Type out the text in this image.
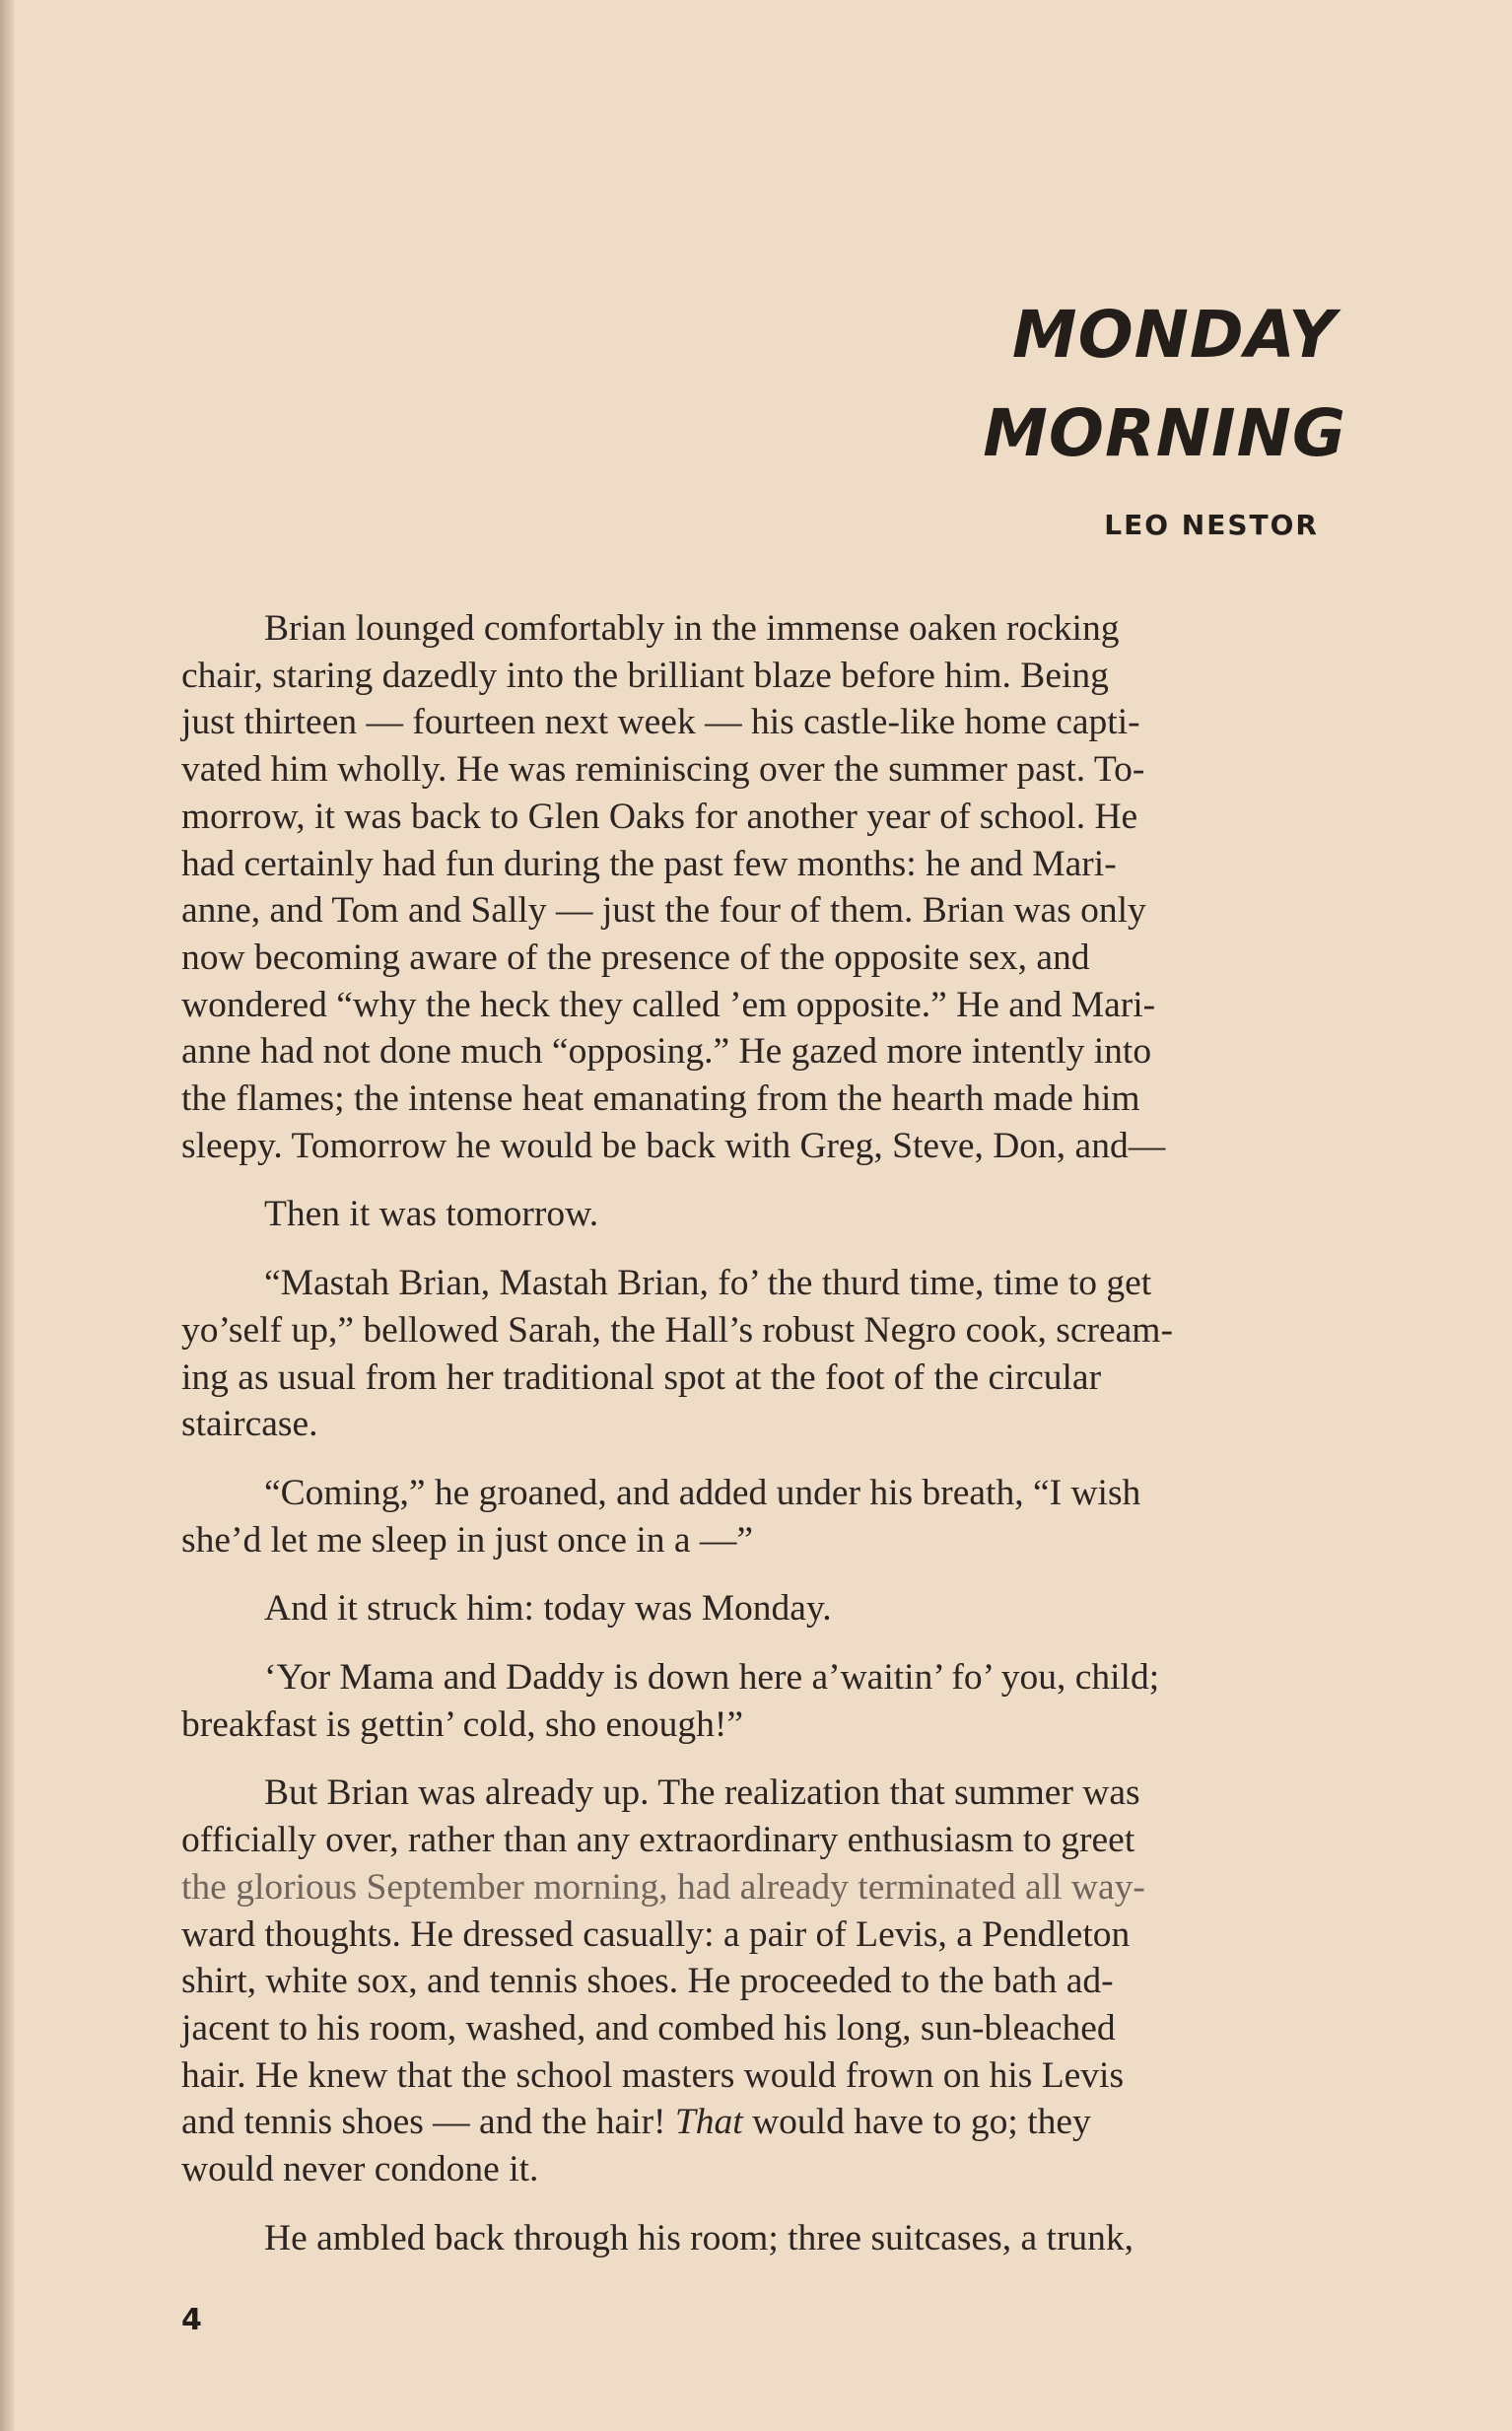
MONDAY
MORNING
LEO NESTOR
Brian lounged comfortably in the immense oaken rocking
chair, staring dazedly into the brilliant blaze before him. Being
just thirteen — fourteen next week — his castle-like home capti-
vated him wholly. He was reminiscing over the summer past. To-
morrow, it was back to Glen Oaks for another year of school. He
had certainly had fun during the past few months: he and Mari-
anne, and Tom and Sally — just the four of them. Brian was only
now becoming aware of the presence of the opposite sex, and
wondered “why the heck they called ’em opposite.” He and Mari-
anne had not done much “opposing.” He gazed more intently into
the flames; the intense heat emanating from the hearth made him
sleepy. Tomorrow he would be back with Greg, Steve, Don, and—
Then it was tomorrow.
“Mastah Brian, Mastah Brian, fo’ the thurd time, time to get
yo’self up,” bellowed Sarah, the Hall’s robust Negro cook, scream-
ing as usual from her traditional spot at the foot of the circular
staircase.
“Coming,” he groaned, and added under his breath, “I wish
she’d let me sleep in just once in a —”
And it struck him: today was Monday.
‘Yor Mama and Daddy is down here a’waitin’ fo’ you, child;
breakfast is gettin’ cold, sho enough!”
But Brian was already up. The realization that summer was
officially over, rather than any extraordinary enthusiasm to greet
the glorious September morning, had already terminated all way-
ward thoughts. He dressed casually: a pair of Levis, a Pendleton
shirt, white sox, and tennis shoes. He proceeded to the bath ad-
jacent to his room, washed, and combed his long, sun-bleached
hair. He knew that the school masters would frown on his Levis
and tennis shoes — and the hair! That would have to go; they
would never condone it.
He ambled back through his room; three suitcases, a trunk,
4
